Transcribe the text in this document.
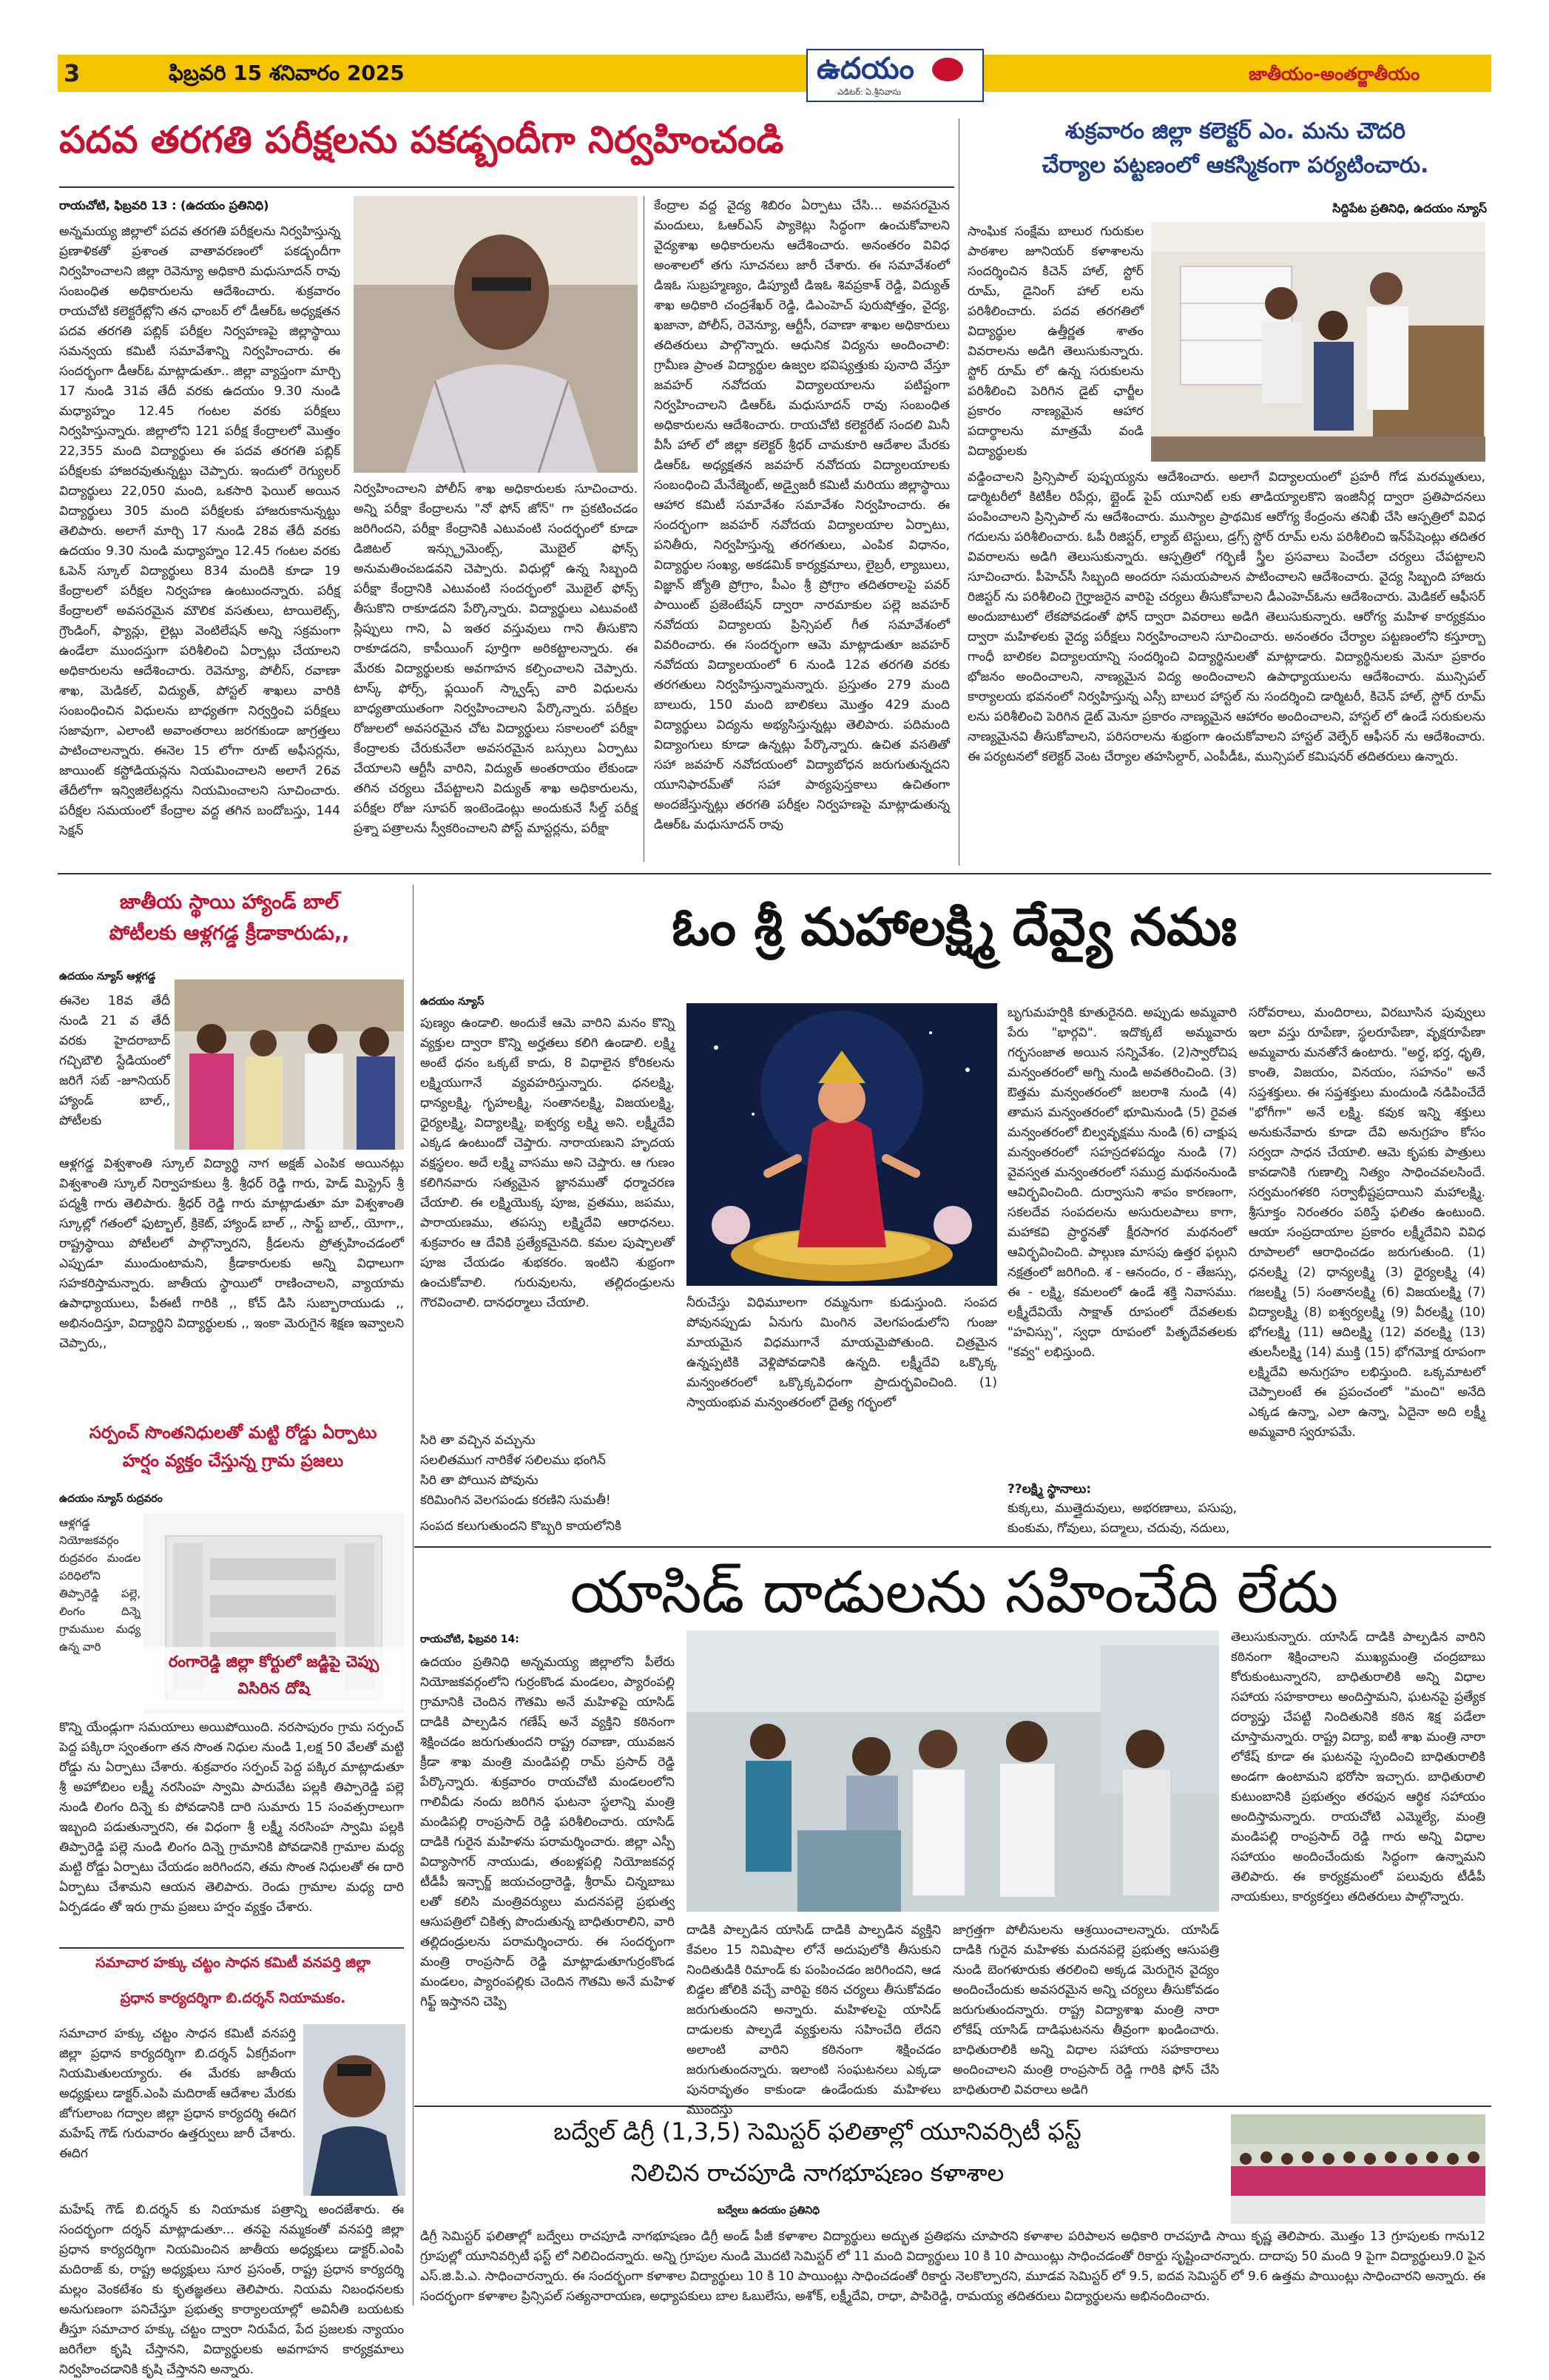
3	ఫిబ్రవరి 15 శనివారం 2025	జాతీయం-అంతర్జాతీయం
ఉదయం
ఎడిటర్: ఏ.శ్రీనివాసు
పదవ తరగతి పరీక్షలను పకడ్బందీగా నిర్వహించండి
రాయచోటి, ఫిబ్రవరి 13 : (ఉదయం ప్రతినిధి)
అన్నమయ్య జిల్లాలో పదవ తరగతి పరీక్షలను నిర్వహిస్తున్న ప్రణాళికతో ప్రశాంత వాతావరణంలో పకడ్బందీగా నిర్వహించాలని జిల్లా రెవెన్యూ అధికారి మధుసూదన్ రావు సంబంధిత అధికారులను ఆదేశించారు. శుక్రవారం రాయచోటి కలెక్టరేట్లోని తన ఛాంబర్ లో డీఆర్‌ఓ అధ్యక్షతన పదవ తరగతి పబ్లిక్ పరీక్షల నిర్వహణపై జిల్లాస్థాయి సమన్వయ కమిటీ సమావేశాన్ని నిర్వహించారు. ఈ సందర్భంగా డీఆర్‌ఓ మాట్లాడుతూ.. జిల్లా వ్యాప్తంగా మార్చి 17 నుండి 31వ తేదీ వరకు ఉదయం 9.30 నుండి మధ్యాహ్నం 12.45 గంటల వరకు పరీక్షలు నిర్వహిస్తున్నారు. జిల్లాలోని 121 పరీక్ష కేంద్రాలలో మొత్తం 22,355 మంది విద్యార్థులు ఈ పదవ తరగతి పబ్లిక్ పరీక్షలకు హాజరవుతున్నట్టు చెప్పారు. ఇందులో రెగ్యులర్ విద్యార్థులు 22,050 మంది, ఒకసారి ఫెయిల్ అయిన విద్యార్థులు 305 మంది పరీక్షలకు హాజరుకానున్నట్టు తెలిపారు. అలాగే మార్చి 17 నుండి 28వ తేదీ వరకు ఉదయం 9.30 నుండి మధ్యాహ్నం 12.45 గంటల వరకు ఓపెన్ స్కూల్ విద్యార్థులు 834 మందికి కూడా 19 కేంద్రాలలో పరీక్షల నిర్వహణ ఉంటుందన్నారు. పరీక్ష కేంద్రాలలో అవసరమైన మౌలిక వసతులు, టాయిలెట్స్, గ్రౌండింగ్, ఫ్యాన్లు, లైట్లు వెంటిలేషన్ అన్ని సక్రమంగా ఉండేలా ముందస్తుగా పరిశీలించి ఏర్పాట్లు చేయాలని అధికారులను ఆదేశించారు. రెవెన్యూ, పోలీస్, రవాణా శాఖ, మెడికల్, విద్యుత్, పోస్టల్ శాఖలు వారికి సంబంధించిన విధులను బాధ్యతగా నిర్వర్తించి పరీక్షలు సజావుగా, ఎలాంటి అవాంతరాలు జరగకుండా జాగ్రత్తలు పాటించాలన్నారు. ఈనెల 15 లోగా రూట్ అఫీసర్లను, జాయింట్ కస్టోడియన్లను నియమించాలని అలాగే 26వ తేదీలోగా ఇన్విజిలేటర్లను నియమించాలని సూచించారు. పరీక్షల సమయంలో కేంద్రాల వద్ద తగిన బందోబస్తు, 144 సెక్షన్
నిర్వహించాలని పోలీస్ శాఖ అధికారులకు సూచించారు. అన్ని పరీక్షా కేంద్రాలను "నో ఫోన్ జోన్" గా ప్రకటించడం జరిగిందని, పరీక్షా కేంద్రానికి ఎటువంటి సందర్భంలో కూడా డిజిటల్ ఇన్స్ట్రుమెంట్స్, మొబైల్ ఫోన్స్ అనుమతించబడవని చెప్పారు. విధుల్లో ఉన్న సిబ్బంది పరీక్షా కేంద్రానికి ఎటువంటి సందర్భంలో మొబైల్ ఫోన్స్ తీసుకొని రాకూడదని పేర్కొన్నారు. విద్యార్థులు ఎటువంటి స్లిప్పులు గాని, ఏ ఇతర వస్తువులు గాని తీసుకొని రాకూడదని, కాపీయింగ్ పూర్తిగా అరికట్టాలన్నారు. ఈ మేరకు విద్యార్థులకు అవగాహన కల్పించాలని చెప్పారు. టాస్క్ ఫోర్స్, ఫ్లయింగ్ స్క్వాడ్స్ వారి విధులను బాధ్యతాయుతంగా నిర్వహించాలని పేర్కొన్నారు. పరీక్షల రోజులలో అవసరమైన చోట విద్యార్థులు సకాలంలో పరీక్షా కేంద్రాలకు చేరుకునేలా అవసరమైన బస్సులు ఏర్పాటు చేయాలని ఆర్టీసీ వారిని, విద్యుత్ అంతరాయం లేకుండా తగిన చర్యలు చేపట్టాలని విద్యుత్ శాఖ అధికారులను, పరీక్షల రోజు సూపర్ ఇంటెండెంట్లు అందుకునే సీల్డ్ పరీక్ష ప్రశ్నా పత్రాలను స్వీకరించాలని పోస్ట్ మాస్టర్లను, పరీక్షా
కేంద్రాల వద్ద వైద్య శిబిరం ఏర్పాటు చేసి... అవసరమైన మందులు, ఓఆర్ఎస్ ప్యాకెట్లు సిద్ధంగా ఉంచుకోవాలని వైద్యశాఖ అధికారులను ఆదేశించారు. అనంతరం వివిధ అంశాలలో తగు సూచనలు జారీ చేశారు. ఈ సమావేశంలో డిఇఓ సుబ్రహ్మణ్యం, డిప్యూటీ డిఇఓ శివప్రకాశ్ రెడ్డి, విద్యుత్ శాఖ అధికారి చంద్రశేఖర్ రెడ్డి, డిఎంహెచ్ పురుషోత్తం, వైద్య, ఖజానా, పోలీస్, రెవెన్యూ, ఆర్టీసీ, రవాణా శాఖల అధికారులు తదితరులు పాల్గొన్నారు. ఆధునిక విద్యను అందించాలి: గ్రామీణ ప్రాంత విద్యార్థుల ఉజ్వల భవిష్యత్తుకు పునాది వేస్తూ జవహర్ నవోదయ విద్యాలయాలను పటిష్టంగా నిర్వహించాలని డిఆర్ఓ మధుసూదన్ రావు సంబంధిత అధికారులను ఆదేశించారు. రాయచోటి కలెక్టరేట్ సందలి మినీ వీసీ హాల్ లో జిల్లా కలెక్టర్ శ్రీధర్ చామకూరి ఆదేశాల మేరకు డిఆర్ఓ అధ్యక్షతన జవహర్ నవోదయ విద్యాలయాలకు సంబంధించి మేనేజ్మెంట్, అడ్వైజరీ కమిటీ మరియు జిల్లాస్థాయి ఆహార కమిటీ సమావేశం సమావేశం నిర్వహించారు. ఈ సందర్భంగా జవహర్ నవోదయ విద్యాలయాల ఏర్పాటు, పనితీరు, నిర్వహిస్తున్న తరగతులు, ఎంపిక విధానం, విద్యార్థుల సంఖ్య, అకడమిక్ కార్యక్రమాలు, లైబ్రరీ, ల్యాబులు, విజ్ఞాన్ జ్యోతి ప్రోగ్రాం, పీఎం శ్రీ ప్రోగ్రాం తదితరాలపై పవర్ పాయింట్ ప్రజెంటేషన్ ద్వారా నారమాకుల పల్లె జవహర్ నవోదయ విద్యాలయ ప్రిన్సిపల్ గీత సమావేశంలో వివరించారు. ఈ సందర్భంగా ఆమె మాట్లాడుతూ జవహర్ నవోదయ విద్యాలయంలో 6 నుండి 12వ తరగతి వరకు తరగతులు నిర్వహిస్తున్నామన్నారు. ప్రస్తుతం 279 మంది బాలురు, 150 మంది బాలికలు మొత్తం 429 మంది విద్యార్థులు విద్యను అభ్యసిస్తున్నట్లు తెలిపారు. పదిమంది విద్యాంగులు కూడా ఉన్నట్లు పేర్కొన్నారు. ఉచిత వసతితో సహా జవహర్ నవోదయంలో విద్యాబోధన జరుగుతున్నదని యూనిఫారమ్‌తో సహా పాఠ్యపుస్తకాలు ఉచితంగా అందజేస్తున్నట్లు తరగతి పరీక్షల నిర్వహణపై మాట్లాడుతున్న డిఆర్ఓ మధుసూదన్ రావు
శుక్రవారం జిల్లా కలెక్టర్ ఎం. మను చౌదరి
చేర్యాల పట్టణంలో ఆకస్మికంగా పర్యటించారు.
సిద్దిపేట ప్రతినిధి, ఉదయం న్యూస్
సాంఘిక సంక్షేమ బాలుర గురుకుల పాఠశాల జూనియర్ కళాశాలను సందర్శించిన కిచెన్ హాల్, స్టోర్ రూమ్, డైనింగ్ హాల్ లను పరిశీలించారు. పదవ తరగతిలో విద్యార్థుల ఉత్తీర్ణత శాతం వివరాలను అడిగి తెలుసుకున్నారు. స్టోర్ రూమ్ లో ఉన్న సరుకులను పరిశీలించి పెరిగిన డైట్ ఛార్జీల ప్రకారం నాణ్యమైన ఆహార పదార్థాలను మాత్రమే వండి విద్యార్థులకు
వడ్డించాలని ప్రిన్సిపాల్ పుష్పయ్యను ఆదేశించారు. అలాగే విద్యాలయంలో ప్రహరీ గోడ మరమ్మతులు, డార్మిటరీలో కిటికీల రిపేర్లు, బ్లైండ్ పైప్ యూనిట్ లకు తాడియ్యాలకొని ఇంజినీర్ల ద్వారా ప్రతిపాదనలు పంపించాలని ప్రిన్సిపాల్ ను ఆదేశించారు. ముస్యాల ప్రాథమిక ఆరోగ్య కేంద్రంను తనిఖీ చేసి ఆస్పత్రిలో వివిధ గదులను పరిశీలించారు. ఓపీ రిజిస్టర్, ల్యాబ్ టెస్టులు, డ్రగ్స్ స్టోర్ రూమ్ లను పరిశీలించి ఇన్‌పేషెంట్లు తదితర వివరాలను అడిగి తెలుసుకున్నారు. ఆస్పత్రిలో గర్భిణీ స్త్రీల ప్రసవాలు పెంచేలా చర్యలు చేపట్టాలని సూచించారు. పీహెచ్‌సీ సిబ్బంది అందరూ సమయపాలన పాటించాలని ఆదేశించారు. వైద్య సిబ్బంది హాజరు రిజిస్టర్ ను పరిశీలించి గైర్హాజరైన వారిపై చర్యలు తీసుకోవాలని డీఎంహెచ్‌ఓను ఆదేశించారు. మెడికల్ ఆఫీసర్ అందుబాటులో లేకపోవడంతో ఫోన్ ద్వారా వివరాలు అడిగి తెలుసుకున్నారు. ఆరోగ్య మహిళ కార్యక్రమం ద్వారా మహిళలకు వైద్య పరీక్షలు నిర్వహించాలని సూచించారు. అనంతరం చేర్యాల పట్టణంలోని కస్తూర్బా గాంధీ బాలికల విద్యాలయాన్ని సందర్శించి విద్యార్థినులతో మాట్లాడారు. విద్యార్థినులకు మెనూ ప్రకారం భోజనం అందించాలని, నాణ్యమైన విద్య అందించాలని ఉపాధ్యాయులను ఆదేశించారు. మున్సిపల్ కార్యాలయ భవనంలో నిర్వహిస్తున్న ఎస్సీ బాలుర హాస్టల్ ను సందర్శించి డార్మిటరీ, కిచెన్ హాల్, స్టోర్ రూమ్ లను పరిశీలించి పెరిగిన డైట్ మెనూ ప్రకారం నాణ్యమైన ఆహారం అందించాలని, హాస్టల్ లో ఉండే సరుకులను నాణ్యమైనవి తీసుకోవాలని, పరిసరాలను శుభ్రంగా ఉంచుకోవాలని హాస్టల్ వెల్ఫేర్ ఆఫీసర్ ను ఆదేశించారు. ఈ పర్యటనలో కలెక్టర్ వెంట చేర్యాల తహసిల్దార్, ఎంపీడీఓ, మున్సిపల్ కమిషనర్ తదితరులు ఉన్నారు.
జాతీయ స్థాయి హ్యాండ్ బాల్
పోటీలకు ఆళ్లగడ్డ క్రీడాకారుడు,,
ఉదయం న్యూస్ ఆళ్లగడ్డ
ఈనెల 18వ తేదీ నుండి 21 వ తేదీ వరకు హైదరాబాద్ గచ్చిబౌలి స్టేడియంలో జరిగే సబ్ -జూనియర్ హ్యాండ్ బాల్,, పోటీలకు
ఆళ్లగడ్డ విశ్వశాంతి స్కూల్ విద్యార్థి నాగ అక్షజ్ ఎంపిక అయినట్లు విశ్వశాంతి స్కూల్ నిర్వాహకులు శ్రీ. శ్రీధర్ రెడ్డి గారు, హెడ్ మిస్ట్రెస్ శ్రీ పద్మశ్రీ గారు తెలిపారు. శ్రీధర్ రెడ్డి గారు మాట్లాడుతూ మా విశ్వశాంతి స్కూల్లో గతంలో ఫుట్బాల్, క్రికెట్, హ్యాండ్ బాల్ ,, సాఫ్ట్ బాల్,, యోగా,, రాష్ట్రస్థాయి పోటీలలో పాల్గొన్నారని, క్రీడలను ప్రోత్సహించడంలో ఎప్పుడూ ముందుంటామని, క్రీడాకారులకు అన్ని విధాలుగా సహకరిస్తామన్నారు. జాతీయ స్థాయిలో రాణించాలని, వ్యాయామ ఉపాధ్యాయులు, పీఈటీ గారికి ,, కోచ్ డిసి సుబ్బారాయుడు ,, అభినందిస్తూ, విద్యార్థిని విద్యార్థులకు ,, ఇంకా మెరుగైన శిక్షణ ఇవ్వాలని చెప్పారు,,
సర్పంచ్ సొంతనిధులతో మట్టి రోడ్డు ఏర్పాటు
హర్షం వ్యక్తం చేస్తున్న గ్రామ ప్రజలు
ఉదయం న్యూస్ రుద్రవరం
ఆళ్లగడ్డ నియోజకవర్గం రుద్రవరం మండల పరిధిలోని తిప్పారెడ్డి పల్లె, లింగం దిన్నె గ్రామముల మధ్య ఉన్న వారి
రంగారెడ్డి జిల్లా కోర్టులో జడ్జిపై చెప్పు
విసిరిన దోషి
కొన్ని యేండ్లుగా సమయాలు అయిపోయింది. నరసాపురం గ్రామ సర్పంచ్ పెద్ద పక్కిరా స్వంతంగా తన సొంత నిధుల నుండి 1,లక్ష 50 వేలతో మట్టి రోడ్డు ను ఏర్పాటు చేశారు. శుక్రవారం సర్పంచ్ పెద్ద పక్కిర మాట్లాడుతూ శ్రీ అహోబిలం లక్ష్మీ నరసింహ స్వామి పారువేట పల్లకి తిప్పారెడ్డి పల్లె నుండి లింగం దిన్నె కు పోవడానికి దారి సుమారు 15 సంవత్సరాలుగా ఇబ్బంది పడుతున్నారని, ఈ విధంగా శ్రీ లక్ష్మీ నరసింహ స్వామి పల్లకి తిప్పారెడ్డి పల్లె నుండి లింగం దిన్నె గ్రామానికి పోవడానికి గ్రామాల మధ్య మట్టి రోడ్డు ఏర్పాటు చేయడం జరిగిందని, తమ సొంత నిధులతో ఈ దారి ఏర్పాటు చేశామని ఆయన తెలిపారు. రెండు గ్రామాల మధ్య దారి ఏర్పడడం తో ఇరు గ్రామ ప్రజలు హర్షం వ్యక్తం చేశారు.
సమాచార హక్కు చట్టం సాధన కమిటీ వనపర్తి జిల్లా
ప్రధాన కార్యదర్శిగా బి.దర్శన్ నియామకం.
సమాచార హక్కు చట్టం సాధన కమిటీ వనపర్తి జిల్లా ప్రధాన కార్యదర్శిగా బి.దర్శన్ ఏకగ్రీవంగా నియమితులయ్యారు. ఈ మేరకు జాతీయ అధ్యక్షులు డాక్టర్.ఎంపి మదిరాజ్ ఆదేశాల మేరకు జోగులాంబ గద్వాల జిల్లా ప్రధాన కార్యదర్శి ఈదిగ మహేష్ గౌడ్ గురువారం ఉత్తర్వులు జారీ చేశారు. ఈదిగ
మహేష్ గౌడ్ బి.దర్శన్ కు నియామక పత్రాన్ని అందజేశారు. ఈ సందర్భంగా దర్శన్ మాట్లాడుతూ... తనపై నమ్మకంతో వనపర్తి జిల్లా ప్రధాన కార్యదర్శిగా నియమించిన జాతీయ అధ్యక్షులు డాక్టర్.ఎంపి మదిరాజ్ కు, రాష్ట్ర అధ్యక్షులు సూర ప్రసంత్, రాష్ట్ర ప్రధాన కార్యదర్శి మల్లం వెంకటేశం కు కృతజ్ఞతలు తెలిపారు. నియమ నిబంధనలకు అనుగుణంగా పనిచేస్తూ ప్రభుత్వ కార్యాలయాల్లో అవినీతి బయటకు తీస్తూ సమాచార హక్కు చట్టం ద్వారా నిరుపేద, పేద ప్రజలకు న్యాయం జరిగేలా కృషి చేస్తానని, విద్యార్థులకు అవగాహన కార్యక్రమాలు నిర్వహించడానికి కృషి చేస్తానని అన్నారు.
ఓం శ్రీ మహాలక్ష్మి దేవ్యై నమః
ఉదయం న్యూస్
పుణ్యం ఉండాలి. అందుకే ఆమె వారిని మనం కొన్ని వ్యక్తుల ద్వారా కొన్ని అర్హతలు కలిగి ఉండాలి. లక్ష్మి అంటే ధనం ఒక్కటే కాదు, 8 విధాలైన కోరికలను లక్ష్మియుగానే వ్యవహరిస్తున్నారు. ధనలక్ష్మి, ధాన్యలక్ష్మి, గృహలక్ష్మి, సంతానలక్ష్మి, విజయలక్ష్మి, ధైర్యలక్ష్మి, విద్యాలక్ష్మి, ఐశ్వర్య లక్ష్మి అని. లక్ష్మీదేవి ఎక్కడ ఉంటుందో చెప్తారు. నారాయణుని హృదయ వక్షస్థలం. అదే లక్ష్మి వాసము అని చెప్తారు. ఆ గుణం కలిగినవారు సత్యమైన జ్ఞానముతో ధర్మాచరణ చేయాలి. ఈ లక్ష్మియొక్క పూజ, వ్రతము, జపము, పారాయణము, తపస్సు లక్ష్మిదేవి ఆరాధనలు. శుక్రవారం ఆ దేవికి ప్రత్యేకమైనది. కమల పుష్పాలతో పూజ చేయడం శుభకరం. ఇంటిని శుభ్రంగా ఉంచుకోవాలి. గురువులను, తల్లిదండ్రులను గౌరవించాలి. దానధర్మాలు చేయాలి.
సిరి తా వచ్చిన వచ్చును
సలలితముగ నారికేళ సలిలము భంగిన్
సిరి తా పోయిన పోవును
కరిమింగిన వెలగపండు కరణిని సుమతీ!
సంపద కలుగుతుందని కొబ్బరి కాయలోనికి
నీరుచేస్తు విధిమూలగా రమ్మనుగా కుడుస్తుంది. సంపద పోవునప్పుడు ఏనుగు మింగిన వెలగపండులోని గుంజు మాయమైన విధముగానే మాయమైపోతుంది. చిత్రమైన ఉన్నప్పటికి వెళ్లిపోవడానికి ఉన్నది. లక్ష్మీదేవి ఒక్కొక్క మన్వంతరంలో ఒక్కొక్కవిధంగా ప్రాదుర్భవించింది. (1) స్వాయంభువ మన్వంతరంలో దైత్య గర్భంలో
బృగుమహర్షికి కూతురైనది. అప్పుడు అమ్మవారి పేరు "భార్గవి". ఇదొక్కటే అమ్మవారు గర్భసంజాత అయిన సన్నివేశం. (2)స్వారోచిష మన్వంతరంలో అగ్ని నుండి అవతరించింది. (3) ఔత్తమ మన్వంతరంలో జలరాశి నుండి (4) తామస మన్వంతరంలో భూమినుండి (5) రైవత మన్వంతరంలో బిల్వవృక్షము నుండి (6) చాక్షుష మన్వంతరంలో సహస్రదళపద్మం నుండి (7) వైవస్వత మన్వంతరంలో సముద్ర మథనంనుండి ఆవిర్భవించింది. దుర్వాసుని శాపం కారణంగా, సకలదేవ సంపదలను అసురులపాలు కాగా, మహాకవి ప్రార్థనతో క్షీరసాగర మథనంలో ఆవిర్భవించింది. పాల్గుణ మాసపు ఉత్తర ఫల్గుని నక్షత్రంలో జరిగింది. శ - ఆనందం, ర - తేజస్సు, ఈ - లక్ష్మి, కమలంలో ఉండే శక్తి నివాసము. లక్ష్మీదేవియే సాక్షాత్ రూపంలో దేవతలకు "హవిస్సు", స్వధా రూపంలో పితృదేవతలకు "కవ్వ" లభిస్తుంది.
??లక్ష్మి స్థానాలు:
కుక్కలు, ముత్తైదువులు, అభరణాలు, పసుపు, కుంకుమ, గోవులు, పద్మాలు, చదువు, నదులు,
సరోవరాలు, మందిరాలు, విరబూసిన పువ్వులు ఇలా వస్తు రూపేణా, స్థలరూపేణా, వృక్షరూపేణా అమ్మవారు మనతోనే ఉంటారు. "అర్థ, భర్త, ధృతి, కాంతి, విజయం, వినయం, సహనం" అనే సప్తశక్తులు. ఈ సప్తశక్తులు మందుండి నడిపించేదే "భోగీగా" అనే లక్ష్మి. కవుక ఇన్ని శక్తులు అనుకునేవారు కూడా దేవి అనుగ్రహం కోసం సర్వదా సాధన చేయాలి. ఆమె కృపకు పాత్రులు కావడానికి గుణాల్ని నిత్యం సాధించవలసిందే. సర్వమంగళకరి సర్వాభీష్టప్రదాయిని మహాలక్ష్మి. శ్రీసూక్తం నిరంతరం పఠిస్తే ఫలితం ఉంటుంది. ఆయా సంప్రదాయాల ప్రకారం లక్ష్మీదేవిని వివిధ రూపాలలో ఆరాధించడం జరుగుతుంది. (1) ధనలక్ష్మి (2) ధాన్యలక్ష్మి (3) ధైర్యలక్ష్మి (4) గజలక్ష్మి (5) సంతానలక్ష్మి (6) విజయలక్ష్మి (7) విద్యాలక్ష్మి (8) ఐశ్వర్యలక్ష్మి (9) వీరలక్ష్మి (10) భోగలక్ష్మి (11) ఆదిలక్ష్మి (12) వరలక్ష్మి (13) తులసీలక్ష్మి (14) ముక్తి (15) భోగమోక్ష రూపంగా లక్ష్మిదేవి అనుగ్రహం లభిస్తుంది. ఒక్కమాటలో చెప్పాలంటే ఈ ప్రపంచంలో "మంచి" అనేది ఎక్కడ ఉన్నా, ఎలా ఉన్నా, ఏదైనా అది లక్ష్మీ అమ్మవారి స్వరూపమే.
యాసిడ్ దాడులను సహించేది లేదు
రాయచోటి, ఫిబ్రవరి 14:
ఉదయం ప్రతినిధి అన్నమయ్య జిల్లాలోని పీలేరు నియోజకవర్గంలోని గుర్రంకొండ మండలం, ప్యారంపల్లి గ్రామానికి చెందిన గౌతమి అనే మహిళపై యాసిడ్ దాడికి పాల్పడిన గణేష్ అనే వ్యక్తిని కఠినంగా శిక్షించడం జరుగుతుందని రాష్ట్ర రవాణా, యువజన క్రీడా శాఖ మంత్రి మండిపల్లి రామ్ ప్రసాద్ రెడ్డి పేర్కొన్నారు. శుక్రవారం రాయచోటి మండలంలోని గాలివీడు నందు జరిగిన ఘటనా స్థలాన్ని మంత్రి మండిపల్లి రాంప్రసాద్ రెడ్డి పరిశీలించారు. యాసిడ్ దాడికి గురైన మహిళను పరామర్శించారు. జిల్లా ఎస్పీ విద్యాసాగర్ నాయుడు, తంబళ్లపల్లి నియోజకవర్గ టీడీపీ ఇన్చార్జ్ జయచంద్రారెడ్డి, శ్రీరామ్ చిన్నబాబు లతో కలిసి మంత్రివర్యులు మదనపల్లె ప్రభుత్వ ఆసుపత్రిలో చికిత్స పొందుతున్న బాధితురాలిని, వారి తల్లిదండ్రులను పరామర్శించారు. ఈ సందర్భంగా మంత్రి రాంప్రసాద్ రెడ్డి మాట్లాడుతూగుర్రంకొండ మండలం, ప్యారంపల్లికు చెందిన గౌతమి అనే మహిళ గిఫ్ట్ ఇస్తానని చెప్పి
దాడికి పాల్పడిన యాసిడ్ దాడికి పాల్పడిన వ్యక్తిని కేవలం 15 నిమిషాల లోనే అదుపులోకి తీసుకుని నిందితుడికి రిమాండ్ కు పంపించడం జరిగిందని, ఆడ బిడ్డల జోలికి వచ్చే వారిపై కఠిన చర్యలు తీసుకోవడం జరుగుతుందని అన్నారు. మహిళలపై యాసిడ్ దాడులకు పాల్పడే వ్యక్తులను సహించేది లేదని అలాంటి వారిని కఠినంగా శిక్షించడం జరుగుతుందన్నారు. ఇలాంటి సంఘటనలు ఎక్కడా పునరావృతం కాకుండా ఉండేందుకు మహిళలు ముందస్తు
జాగ్రత్తగా పోలీసులను ఆశ్రయించాలన్నారు. యాసిడ్ దాడికి గురైన మహిళకు మదనపల్లె ప్రభుత్వ ఆసుపత్రి నుండి బెంగళూరుకు తరలించి అక్కడ మెరుగైన వైద్యం అందించేందుకు అవసరమైన అన్ని చర్యలు తీసుకోవడం జరుగుతుందన్నారు. రాష్ట్ర విద్యాశాఖ మంత్రి నారా లోకేష్ యాసిడ్ దాడిఘటనను తీవ్రంగా ఖండించారు. బాధితురాలికి అన్ని విధాల సహాయ సహకారాలు అందించాలని మంత్రి రాంప్రసాద్ రెడ్డి గారికి ఫోన్ చేసి బాధితురాలి వివరాలు అడిగి
తెలుసుకున్నారు. యాసిడ్ దాడికి పాల్పడిన వారిని కఠినంగా శిక్షించాలని ముఖ్యమంత్రి చంద్రబాబు కోరుకుంటున్నారని, బాధితురాలికి అన్ని విధాల సహాయ సహకారాలు అందిస్తామని, ఘటనపై ప్రత్యేక దర్యాప్తు చేపట్టి నిందితునికి కఠిన శిక్ష పడేలా చూస్తామన్నారు. రాష్ట్ర విద్యా, ఐటీ శాఖ మంత్రి నారా లోకేష్ కూడా ఈ ఘటనపై స్పందించి బాధితురాలికి అండగా ఉంటామని భరోసా ఇచ్చారు. బాధితురాలి కుటుంబానికి ప్రభుత్వం తరఫున ఆర్థిక సహాయం అందిస్తామన్నారు. రాయచోటి ఎమ్మెల్యే, మంత్రి మండిపల్లి రాంప్రసాద్ రెడ్డి గారు అన్ని విధాల సహాయం అందించేందుకు సిద్ధంగా ఉన్నామని తెలిపారు. ఈ కార్యక్రమంలో పలువురు టీడీపీ నాయకులు, కార్యకర్తలు తదితరులు పాల్గొన్నారు.
బద్వేల్ డిగ్రీ (1,3,5) సెమిస్టర్ ఫలితాల్లో యూనివర్సిటీ ఫస్ట్
నిలిచిన రాచపూడి నాగభూషణం కళాశాల
బద్వేలు ఉదయం ప్రతినిధి
డిగ్రీ సెమిస్టర్ ఫలితాల్లో బద్వేలు రాచపూడి నాగభూషణం డిగ్రీ అండ్ పీజీ కళాశాల విద్యార్థులు అద్భుత ప్రతిభను చూపారని కళాశాల పరిపాలన అధికారి రాచపూడి సాయి కృష్ణ తెలిపారు. మొత్తం 13 గ్రూపులకు గాను12 గ్రూపుల్లో యూనివర్సిటీ ఫస్ట్ లో నిలిచిందన్నారు. అన్ని గ్రూపుల నుండి మొదటి సెమిస్టర్ లో 11 మంది విద్యార్థులు 10 కి 10 పాయింట్లు సాధించడంతో రికార్డు సృష్టించారన్నారు. దాదాపు 50 మంది 9 పైగా విద్యార్థులు9.0 పైన ఎస్.జి.పి.ఎ. సాధించారన్నారు. ఈ సందర్భంగా కళాశాల విద్యార్థులు 10 కి 10 పాయింట్లు సాధించడంతో రికార్డు నెలకొల్పారని, మూడవ సెమిస్టర్ లో 9.5, ఐదవ సెమిస్టర్ లో 9.6 ఉత్తమ పాయింట్లు సాధించారని అన్నారు. ఈ సందర్భంగా కళాశాల ప్రిన్సిపల్ సత్యనారాయణ, అధ్యాపకులు బాల ఓబులేసు, అశోక్, లక్ష్మీదేవి, రాధా, పాపిరెడ్డి, రామయ్య తదితరులు విద్యార్థులను అభినందించారు.
